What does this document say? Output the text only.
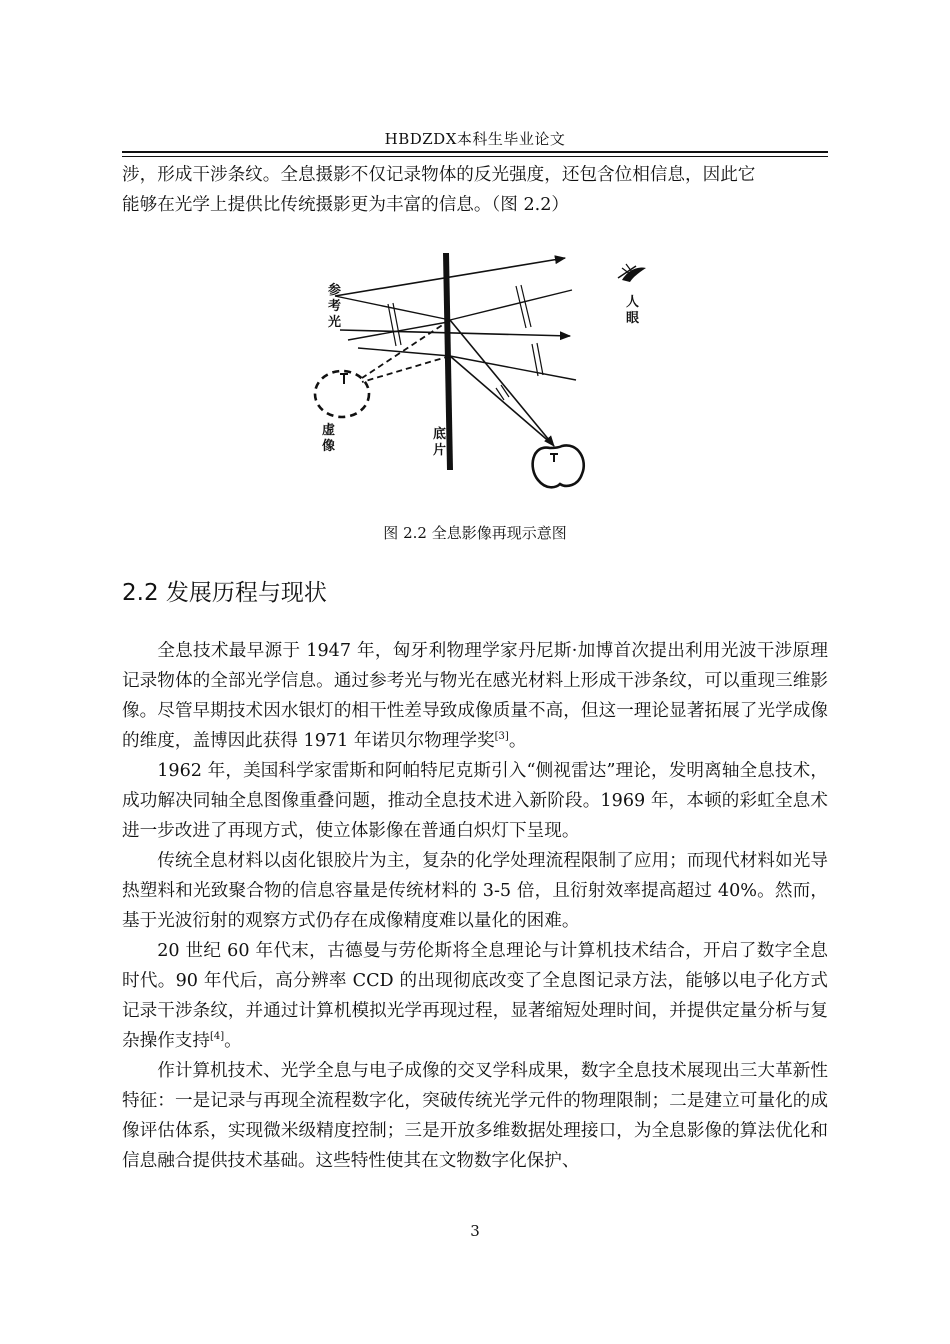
HBDZDX本科生毕业论文

涉，形成干涉条纹。全息摄影不仅记录物体的反光强度，还包含位相信息，因此它

能够在光学上提供比传统摄影更为丰富的信息。（图 2.2）

参
考
光
人
眼
虚
像
底
片
图 2.2 全息影像再现示意图
2.2 发展历程与现状

全息技术最早源于 1947 年，匈牙利物理学家丹尼斯·加博首次提出利用光波干涉原理记录物体的全部光学信息。通过参考光与物光在感光材料上形成干涉条纹，可以重现三维影像。尽管早期技术因水银灯的相干性差导致成像质量不高，但这一理论显著拓展了光学成像的维度，盖博因此获得 1971 年诺贝尔物理学奖[3]。

1962 年，美国科学家雷斯和阿帕特尼克斯引入“侧视雷达”理论，发明离轴全息技术，成功解决同轴全息图像重叠问题，推动全息技术进入新阶段。1969 年，本顿的彩虹全息术进一步改进了再现方式，使立体影像在普通白炽灯下呈现。

传统全息材料以卤化银胶片为主，复杂的化学处理流程限制了应用；而现代材料如光导热塑料和光致聚合物的信息容量是传统材料的 3-5 倍，且衍射效率提高超过 40%。然而，基于光波衍射的观察方式仍存在成像精度难以量化的困难。

20 世纪 60 年代末，古德曼与劳伦斯将全息理论与计算机技术结合，开启了数字全息时代。90 年代后，高分辨率 CCD 的出现彻底改变了全息图记录方法，能够以电子化方式记录干涉条纹，并通过计算机模拟光学再现过程，显著缩短处理时间，并提供定量分析与复杂操作支持[4]。

作计算机技术、光学全息与电子成像的交叉学科成果，数字全息技术展现出三大革新性特征：一是记录与再现全流程数字化，突破传统光学元件的物理限制；二是建立可量化的成像评估体系，实现微米级精度控制；三是开放多维数据处理接口，为全息影像的算法优化和信息融合提供技术基础。这些特性使其在文物数字化保护、

3
